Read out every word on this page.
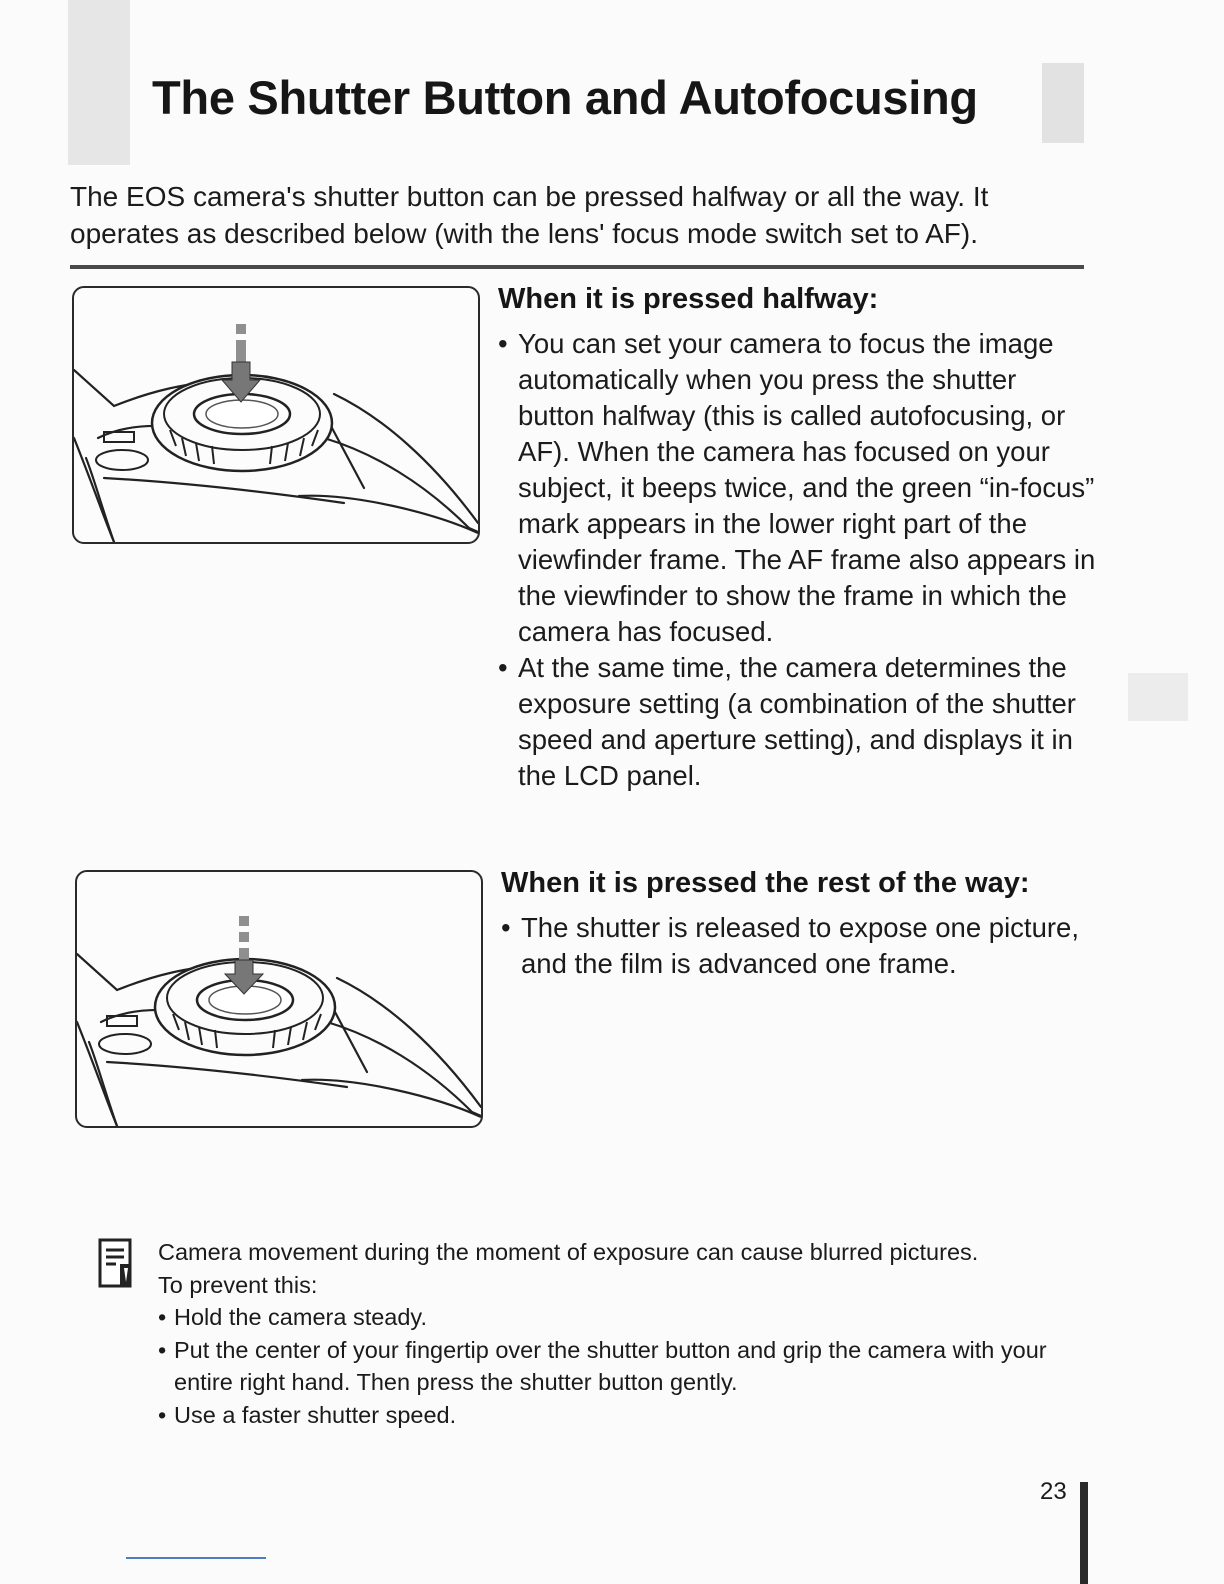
The Shutter Button and Autofocusing

The EOS camera's shutter button can be pressed halfway or all the way. It operates as described below (with the lens' focus mode switch set to AF).

When it is pressed halfway:
• You can set your camera to focus the image automatically when you press the shutter button halfway (this is called autofocusing, or AF). When the camera has focused on your subject, it beeps twice, and the green “in-focus” mark appears in the lower right part of the viewfinder frame. The AF frame also appears in the viewfinder to show the frame in which the camera has focused.
• At the same time, the camera determines the exposure setting (a combination of the shutter speed and aperture setting), and displays it in the LCD panel.
When it is pressed the rest of the way:
• The shutter is released to expose one picture, and the film is advanced one frame.

Camera movement during the moment of exposure can cause blurred pictures.

To prevent this:

• Hold the camera steady.
• Put the center of your fingertip over the shutter button and grip the camera with your entire right hand. Then press the shutter button gently.
• Use a faster shutter speed.
23
